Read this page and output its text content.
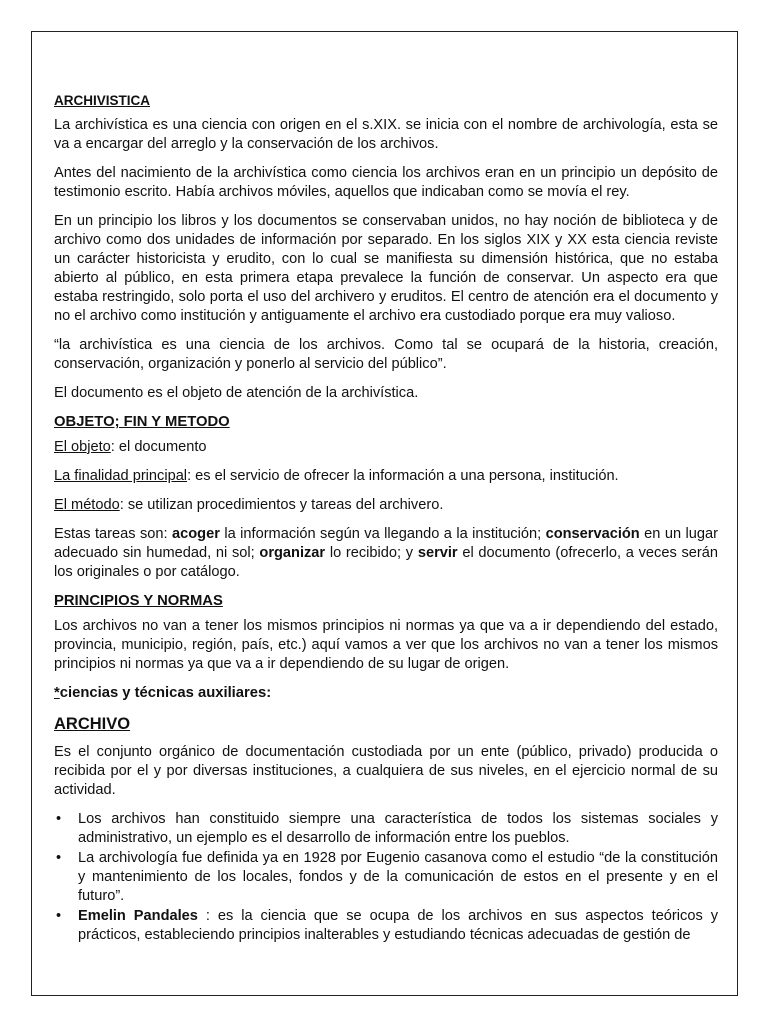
ARCHIVISTICA

La archivística es una ciencia con origen en el s.XIX. se inicia con el nombre de archivología, esta se va a encargar del arreglo y la conservación de los archivos.

Antes del nacimiento de la archivística como ciencia los archivos eran en un principio un depósito de testimonio escrito. Había archivos móviles, aquellos que indicaban como se movía el rey.

En un principio los libros y los documentos se conservaban unidos, no hay noción de biblioteca y de archivo como dos unidades de información por separado. En los siglos XIX y XX esta ciencia reviste un carácter historicista y erudito, con lo cual se manifiesta su dimensión histórica, que no estaba abierto al público, en esta primera etapa prevalece la función de conservar. Un aspecto era que estaba restringido, solo porta el uso del archivero y eruditos. El centro de atención era el documento y no el archivo como institución y antiguamente el archivo era custodiado porque era muy valioso.

“la archivística es una ciencia de los archivos. Como tal se ocupará de la historia, creación, conservación, organización y ponerlo al servicio del público”.

El documento es el objeto de atención de la archivística.

OBJETO; FIN Y METODO

El objeto: el documento

La finalidad principal: es el servicio de ofrecer la información a una persona, institución.

El método: se utilizan procedimientos y tareas del archivero.

Estas tareas son: acoger la información según va llegando a la institución; conservación en un lugar adecuado sin humedad, ni sol; organizar lo recibido; y servir el documento (ofrecerlo, a veces serán los originales o por catálogo.

PRINCIPIOS Y NORMAS

Los archivos no van a tener los mismos principios ni normas ya que va a ir dependiendo del estado, provincia, municipio, región, país, etc.) aquí vamos a ver que los archivos no van a tener los mismos principios ni normas ya que va a ir dependiendo de su lugar de origen.

*ciencias y técnicas auxiliares:
ARCHIVO

Es el conjunto orgánico de documentación custodiada por un ente (público, privado) producida o recibida por el y por diversas instituciones, a cualquiera de sus niveles, en el ejercicio normal de su actividad.

• Los archivos han constituido siempre una característica de todos los sistemas sociales y administrativo, un ejemplo es el desarrollo de información entre los pueblos.
• La archivología fue definida ya en 1928 por Eugenio casanova como el estudio “de la constitución y mantenimiento de los locales, fondos y de la comunicación de estos en el presente y en el futuro”.
• Emelin Pandales : es la ciencia que se ocupa de los archivos en sus aspectos teóricos y prácticos, estableciendo principios inalterables y estudiando técnicas adecuadas de gestión de
